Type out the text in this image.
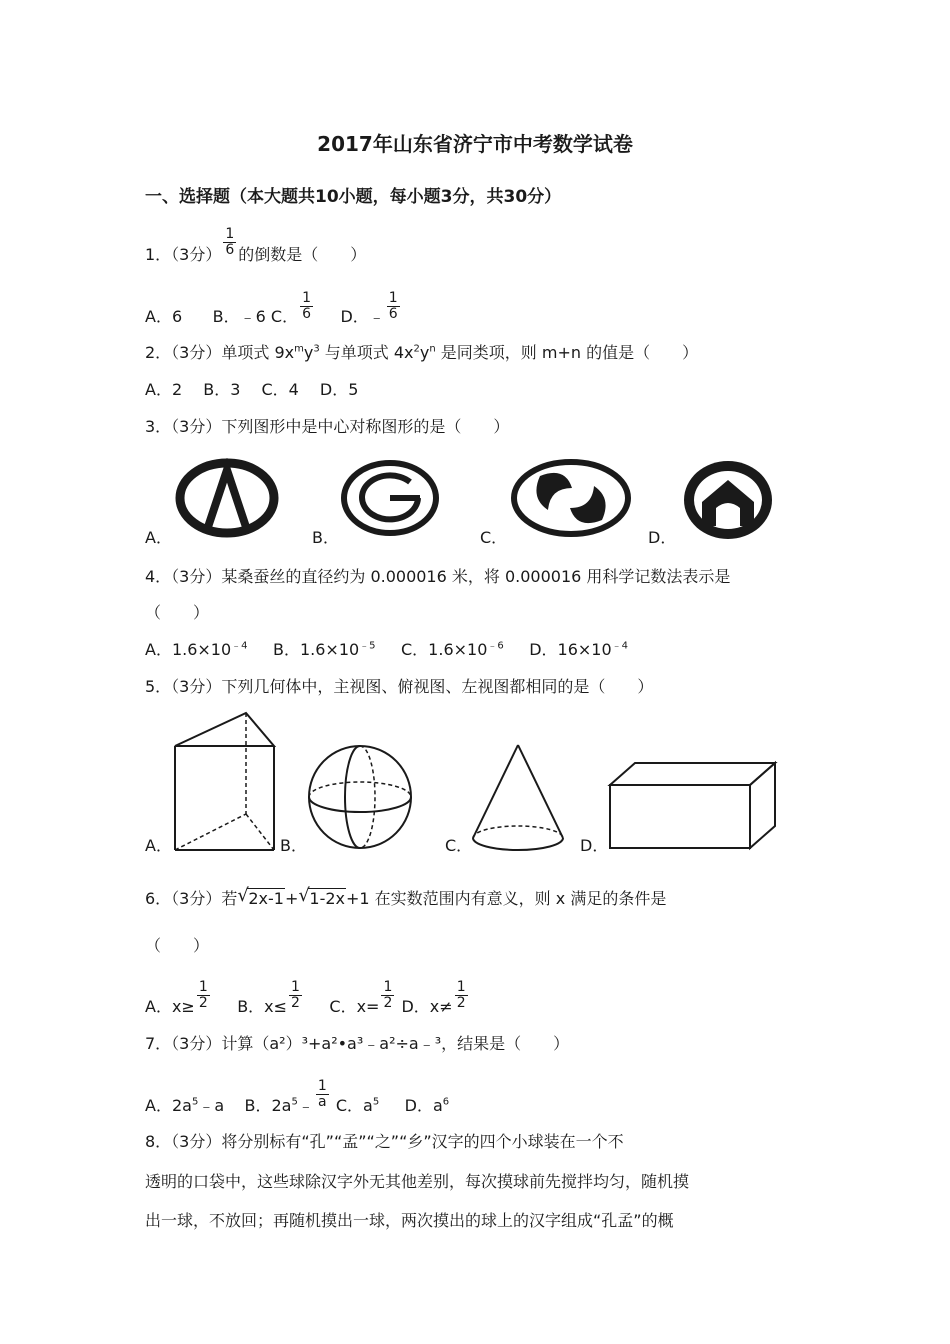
2017年山东省济宁市中考数学试卷
一、选择题（本大题共10小题，每小题3分，共30分）
1．（3分） $\frac{1}{6}$ 的倒数是（　　）
A．6 B．﹣6 C． $\frac{1}{6}$ D．﹣ $\frac{1}{6}$
2．（3分）单项式 $9x^my^3$ 与单项式 $4x^2y^n$ 是同类项，则 m+n 的值是（　　）
A．2　 B．3　 C．4　 D．5
3．（3分）下列图形中是中心对称图形的是（　　）
A．	B．	C．	D．
4．（3分）某桑蚕丝的直径约为 0.000016 米，将 0.000016 用科学记数法表示是
（　　）
A．$1.6\times 10^{﹣4}$ B．$1.6\times 10^{﹣5}$ C．$1.6\times 10^{﹣6}$ D．$16\times 10^{﹣4}$
5．（3分）下列几何体中，主视图、俯视图、左视图都相同的是（　　）
A．	B．	C．	D．
6．（3分）若 √ 2x-1+ √ 1-2x+1 在实数范围内有意义，则 x 满足的条件是
（　　）
A．$x\ge \frac{1}{2}$ B．$x\le \frac{1}{2}$ C．$x= \frac{1}{2}$ D．$x\ne \frac{1}{2}$
7．（3分）计算（a²）³+a²•a³﹣a²÷a﹣³，结果是（　　）
A．$2a^5﹣a$ B．$2a^5﹣ \frac{1}{a}$ C．$a^5$ D．$a^6$
8．（3分）将分别标有“孔”“孟”“之”“乡”汉字的四个小球装在一个不
透明的口袋中，这些球除汉字外无其他差别，每次摸球前先搅拌均匀，随机摸
出一球，不放回；再随机摸出一球，两次摸出的球上的汉字组成“孔孟”的概
